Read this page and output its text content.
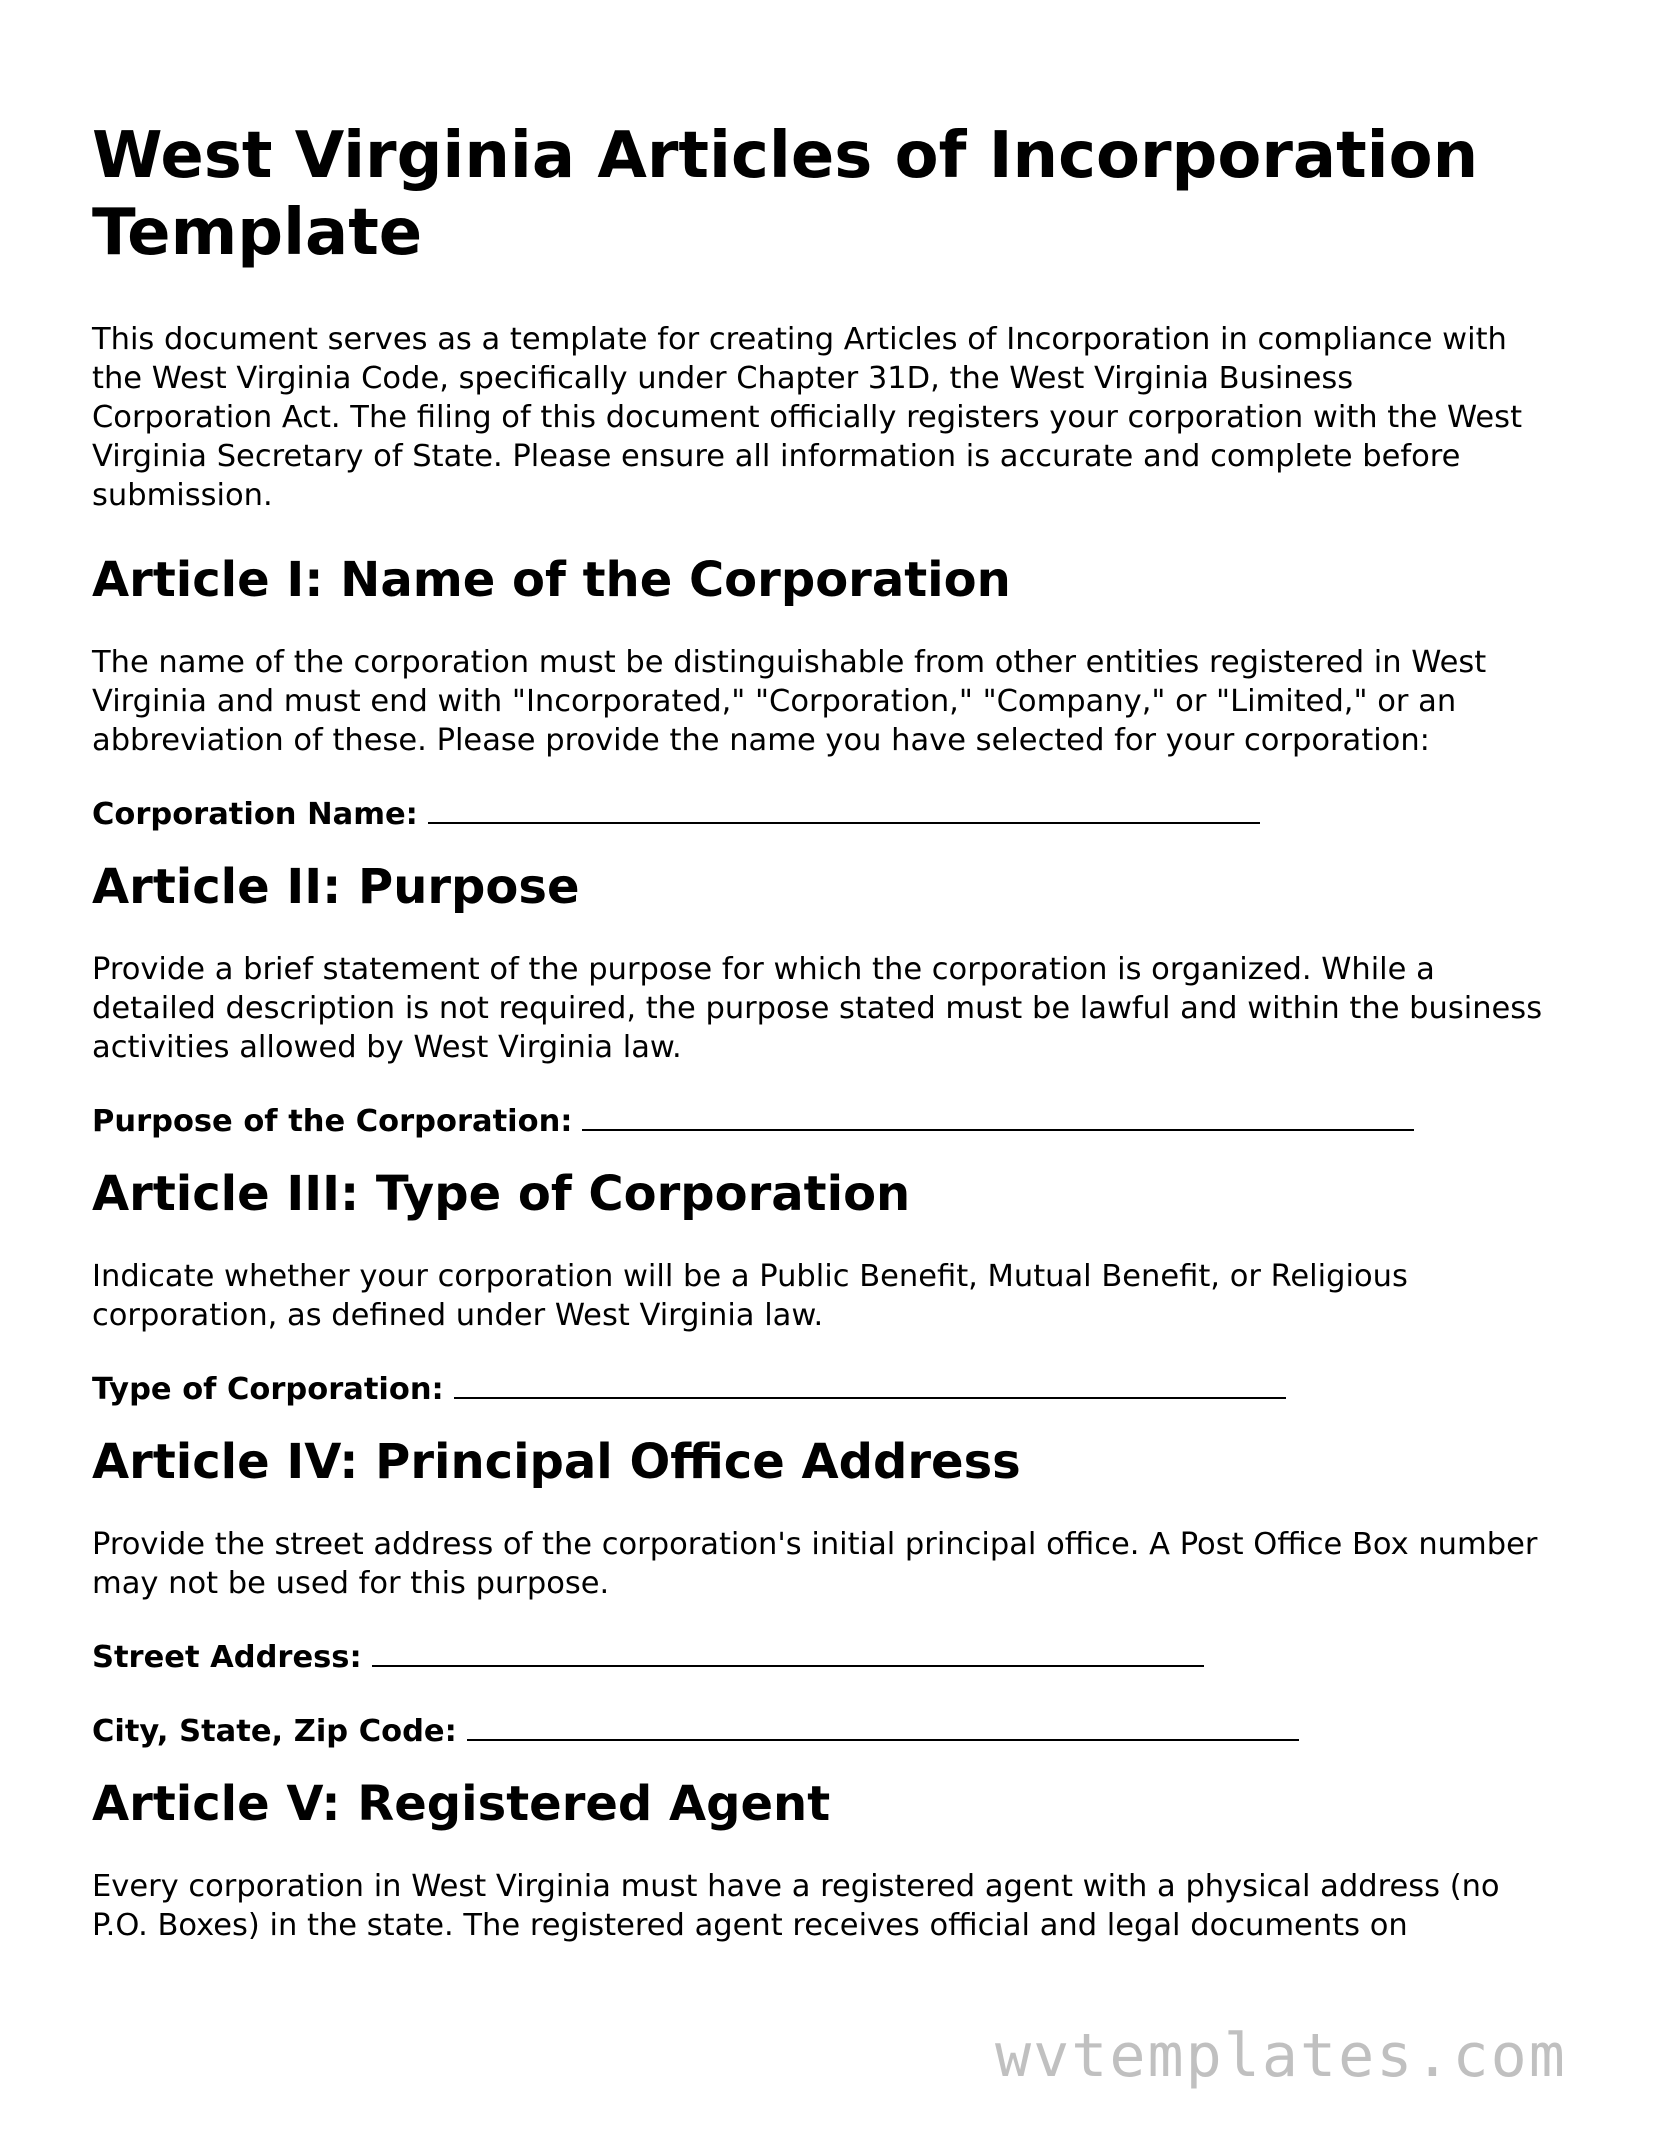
West Virginia Articles of Incorporation Template

This document serves as a template for creating Articles of Incorporation in compliance with the West Virginia Code, specifically under Chapter 31D, the West Virginia Business Corporation Act. The filing of this document officially registers your corporation with the West Virginia Secretary of State. Please ensure all information is accurate and complete before submission.

Article I: Name of the Corporation

The name of the corporation must be distinguishable from other entities registered in West Virginia and must end with "Incorporated," "Corporation," "Company," or "Limited," or an abbreviation of these. Please provide the name you have selected for your corporation:

Corporation Name:

Article II: Purpose

Provide a brief statement of the purpose for which the corporation is organized. While a detailed description is not required, the purpose stated must be lawful and within the business activities allowed by West Virginia law.

Purpose of the Corporation:

Article III: Type of Corporation

Indicate whether your corporation will be a Public Benefit, Mutual Benefit, or Religious corporation, as defined under West Virginia law.

Type of Corporation:

Article IV: Principal Office Address

Provide the street address of the corporation's initial principal office. A Post Office Box number may not be used for this purpose.

Street Address:

City, State, Zip Code:

Article V: Registered Agent

Every corporation in West Virginia must have a registered agent with a physical address (no P.O. Boxes) in the state. The registered agent receives official and legal documents on

wvtemplates.com
